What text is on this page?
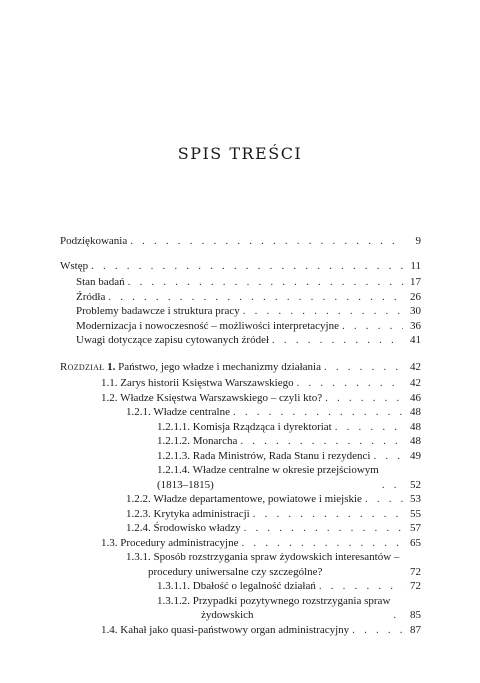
SPIS TREŚCI
Podziękowania . . .	9
Wstęp . . .	11
Stan badań . . .	17
Źródła . . .	26
Problemy badawcze i struktura pracy . . .	30
Modernizacja i nowoczesność – możliwości interpretacyjne . . .	36
Uwagi dotyczące zapisu cytowanych źródeł . . .	41
Rozdział 1. Państwo, jego władze i mechanizmy działania . . .	42
1.1. Zarys historii Księstwa Warszawskiego . . .	42
1.2. Władze Księstwa Warszawskiego – czyli kto? . . .	46
1.2.1. Władze centralne . . .	48
1.2.1.1. Komisja Rządząca i dyrektoriat . . .	48
1.2.1.2. Monarcha . . .	48
1.2.1.3. Rada Ministrów, Rada Stanu i rezydenci . . .	49
1.2.1.4. Władze centralne w okresie przejściowym
(1813–1815) . . .	52
1.2.2. Władze departamentowe, powiatowe i miejskie . . .	53
1.2.3. Krytyka administracji . . .	55
1.2.4. Środowisko władzy . . .	57
1.3. Procedury administracyjne . . .	65
1.3.1. Sposób rozstrzygania spraw żydowskich interesantów –
procedury uniwersalne czy szczególne? . . .	72
1.3.1.1. Dbałość o legalność działań . . .	72
1.3.1.2. Przypadki pozytywnego rozstrzygania spraw
żydowskich . . .	85
1.4. Kahał jako quasi-państwowy organ administracyjny . . .	87
